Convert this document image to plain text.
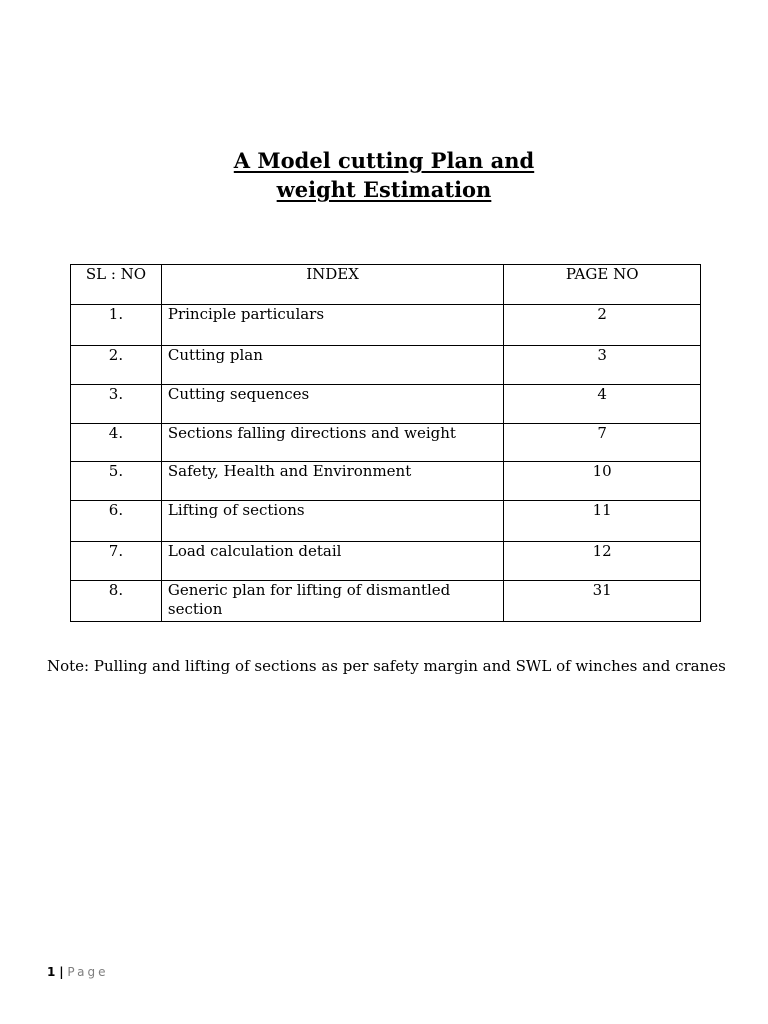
A Model cutting Plan and
weight Estimation
SL : NO	INDEX	PAGE NO
1.	Principle particulars	2
2.	Cutting plan	3
3.	Cutting sequences	4
4.	Sections falling directions and weight	7
5.	Safety, Health and Environment	10
6.	Lifting of sections	11
7.	Load calculation detail	12
8.	Generic plan for lifting of dismantled section	31
Note: Pulling and lifting of sections as per safety margin and SWL of winches and cranes
1 | Page
